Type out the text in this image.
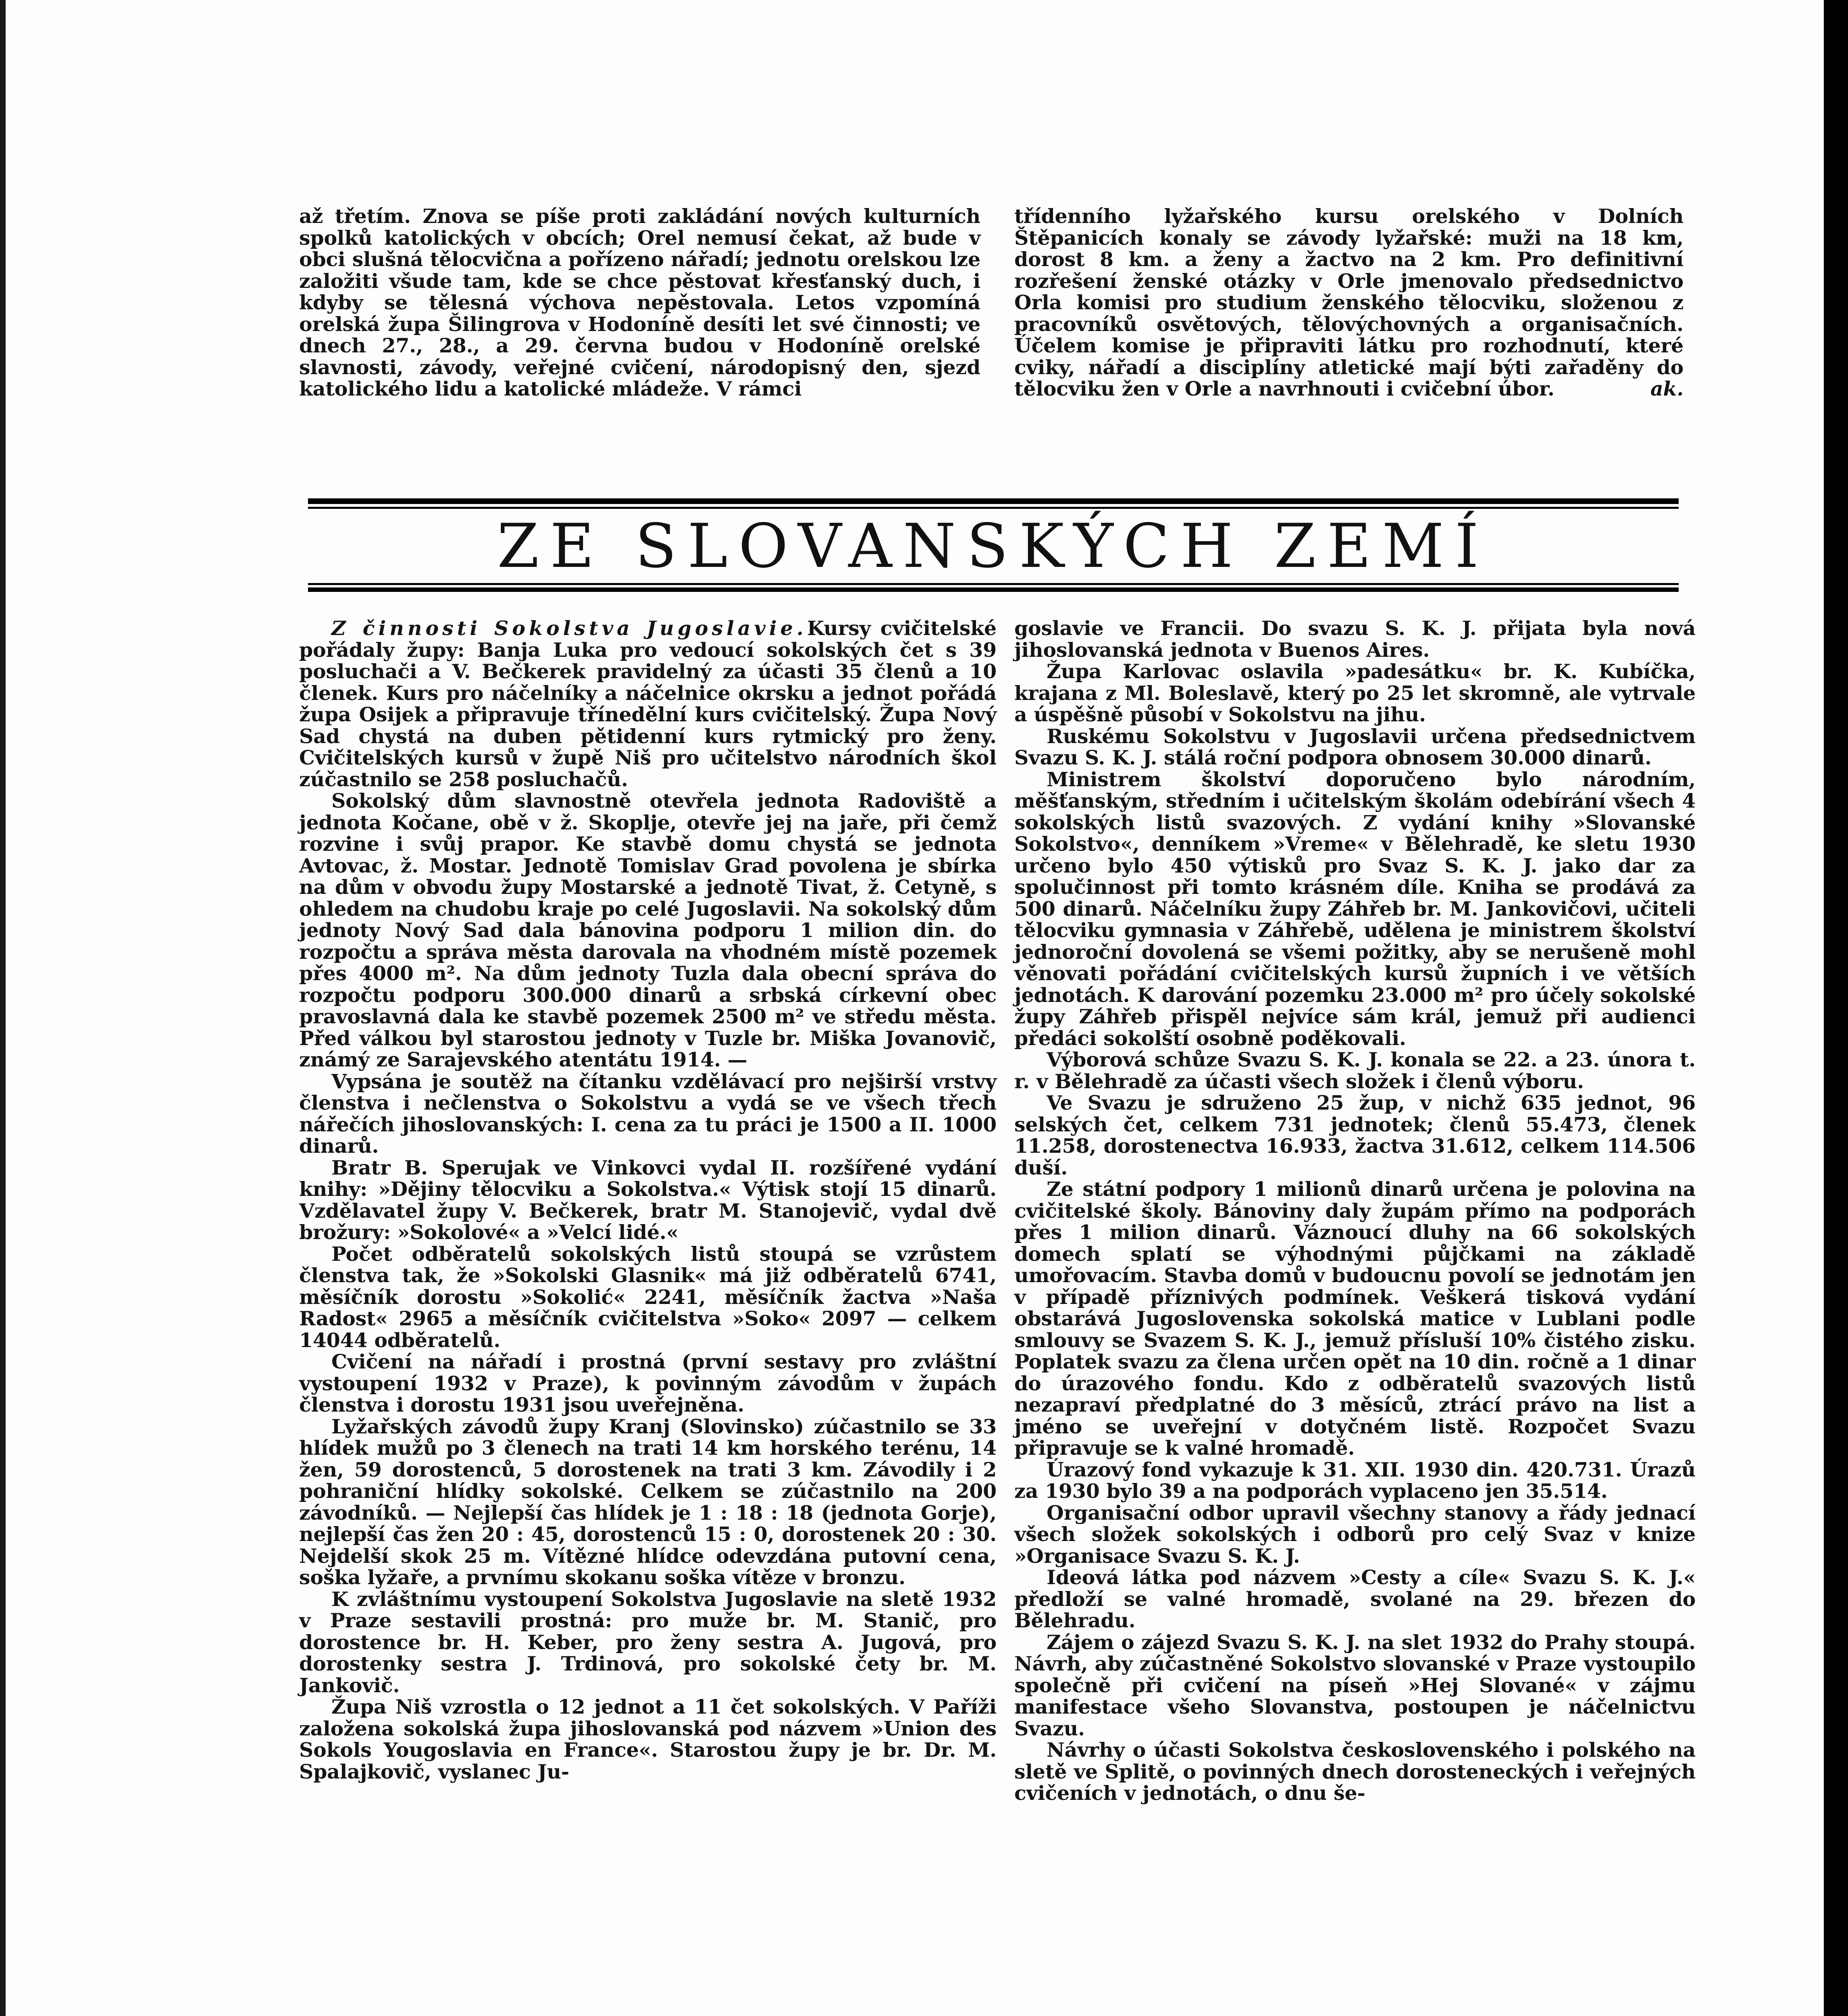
až třetím. Znova se píše proti zakládání nových kulturních spolků katolických v obcích; Orel nemusí čekat, až bude v obci slušná tělocvična a pořízeno nářadí; jednotu orelskou lze založiti všude tam, kde se chce pěstovat křesťanský duch, i kdyby se tělesná výchova nepěstovala. Letos vzpomíná orelská župa Šilingrova v Hodoníně desíti let své činnosti; ve dnech 27., 28., a 29. června budou v Hodoníně orelské slavnosti, závody, veřejné cvičení, národopisný den, sjezd katolického lidu a katolické mládeže. V rámci

třídenního lyžařského kursu orelského v Dolních Štěpanicích konaly se závody lyžařské: muži na 18 km, dorost 8 km. a ženy a žactvo na 2 km. Pro definitivní rozřešení ženské otázky v Orle jmenovalo předsednictvo Orla komisi pro studium ženského tělocviku, složenou z pracovníků osvětových, tělovýchovných a organisačních. Účelem komise je připraviti látku pro rozhodnutí, které cviky, nářadí a disciplíny atletické mají býti zařaděny do tělocviku žen v Orle a navrhnouti i cvičební úbor.	ak.

ZE SLOVANSKÝCH ZEMÍ

Z činnosti Sokolstva Jugoslavie.Kursy cvičitelské pořádaly župy: Banja Luka pro vedoucí sokolských čet s 39 posluchači a V. Bečkerek pravidelný za účasti 35 členů a 10 členek. Kurs pro náčelníky a náčelnice okrsku a jednot pořádá župa Osijek a připravuje třínedělní kurs cvičitelský. Župa Nový Sad chystá na duben pětidenní kurs rytmický pro ženy. Cvičitelských kursů v župě Niš pro učitelstvo národních škol zúčastnilo se 258 posluchačů.

Sokolský dům slavnostně otevřela jednota Radoviště a jednota Kočane, obě v ž. Skoplje, otevře jej na jaře, při čemž rozvine i svůj prapor. Ke stavbě domu chystá se jednota Avtovac, ž. Mostar. Jednotě Tomislav Grad povolena je sbírka na dům v obvodu župy Mostarské a jednotě Tivat, ž. Cetyně, s ohledem na chudobu kraje po celé Jugoslavii. Na sokolský dům jednoty Nový Sad dala bánovina podporu 1 milion din. do rozpočtu a správa města darovala na vhodném místě pozemek přes 4000 m². Na dům jednoty Tuzla dala obecní správa do rozpočtu podporu 300.000 dinarů a srbská církevní obec pravoslavná dala ke stavbě pozemek 2500 m² ve středu města. Před válkou byl starostou jednoty v Tuzle br. Miška Jovanovič, známý ze Sarajevského atentátu 1914. —

Vypsána je soutěž na čítanku vzdělávací pro nejširší vrstvy členstva i nečlenstva o Sokolstvu a vydá se ve všech třech nářečích jihoslovanských: I. cena za tu práci je 1500 a II. 1000 dinarů.

Bratr B. Sperujak ve Vinkovci vydal II. rozšířené vydání knihy: »Dějiny tělocviku a Sokolstva.« Výtisk stojí 15 dinarů. Vzdělavatel župy V. Bečkerek, bratr M. Stanojevič, vydal dvě brožury: »Sokolové« a »Velcí lidé.«

Počet odběratelů sokolských listů stoupá se vzrůstem členstva tak, že »Sokolski Glasnik« má již odběratelů 6741, měsíčník dorostu »Sokolić« 2241, měsíčník žactva »Naša Radost« 2965 a měsíčník cvičitelstva »Soko« 2097 — celkem 14044 odběratelů.

Cvičení na nářadí i prostná (první sestavy pro zvláštní vystoupení 1932 v Praze), k povinným závodům v župách členstva i dorostu 1931 jsou uveřejněna.

Lyžařských závodů župy Kranj (Slovinsko) zúčastnilo se 33 hlídek mužů po 3 členech na trati 14 km horského terénu, 14 žen, 59 dorostenců, 5 dorostenek na trati 3 km. Závodily i 2 pohraniční hlídky sokolské. Celkem se zúčastnilo na 200 závodníků. — Nejlepší čas hlídek je 1 : 18 : 18 (jednota Gorje), nejlepší čas žen 20 : 45, dorostenců 15 : 0, dorostenek 20 : 30. Nejdelší skok 25 m. Vítězné hlídce odevzdána putovní cena, soška lyžaře, a prvnímu skokanu soška vítěze v bronzu.

K zvláštnímu vystoupení Sokolstva Jugoslavie na sletě 1932 v Praze sestavili prostná: pro muže br. M. Stanič, pro dorostence br. H. Keber, pro ženy sestra A. Jugová, pro dorostenky sestra J. Trdinová, pro sokolské čety br. M. Jankovič.

Župa Niš vzrostla o 12 jednot a 11 čet sokolských. V Paříži založena sokolská župa jihoslovanská pod názvem »Union des Sokols Yougoslavia en France«. Starostou župy je br. Dr. M. Spalajkovič, vyslanec Ju-

goslavie ve Francii. Do svazu S. K. J. přijata byla nová jihoslovanská jednota v Buenos Aires.

Župa Karlovac oslavila »padesátku« br. K. Kubíčka, krajana z Ml. Boleslavě, který po 25 let skromně, ale vytrvale a úspěšně působí v Sokolstvu na jihu.

Ruskému Sokolstvu v Jugoslavii určena předsednictvem Svazu S. K. J. stálá roční podpora obnosem 30.000 dinarů.

Ministrem školství doporučeno bylo národním, měšťanským, středním i učitelským školám odebírání všech 4 sokolských listů svazových. Z vydání knihy »Slovanské Sokolstvo«, denníkem »Vreme« v Bělehradě, ke sletu 1930 určeno bylo 450 výtisků pro Svaz S. K. J. jako dar za spolučinnost při tomto krásném díle. Kniha se prodává za 500 dinarů. Náčelníku župy Záhřeb br. M. Jankovičovi, učiteli tělocviku gymnasia v Záhřebě, udělena je ministrem školství jednoroční dovolená se všemi požitky, aby se nerušeně mohl věnovati pořádání cvičitelských kursů župních i ve větších jednotách. K darování pozemku 23.000 m² pro účely sokolské župy Záhřeb přispěl nejvíce sám král, jemuž při audienci předáci sokolští osobně poděkovali.

Výborová schůze Svazu S. K. J. konala se 22. a 23. února t. r. v Bělehradě za účasti všech složek i členů výboru.

Ve Svazu je sdruženo 25 žup, v nichž 635 jednot, 96 selských čet, celkem 731 jednotek; členů 55.473, členek 11.258, dorostenectva 16.933, žactva 31.612, celkem 114.506 duší.

Ze státní podpory 1 milionů dinarů určena je polovina na cvičitelské školy. Bánoviny daly župám přímo na podporách přes 1 milion dinarů. Váznoucí dluhy na 66 sokolských domech splatí se výhodnými půjčkami na základě umořovacím. Stavba domů v budoucnu povolí se jednotám jen v případě příznivých podmínek. Veškerá tisková vydání obstarává Jugoslovenska sokolská matice v Lublani podle smlouvy se Svazem S. K. J., jemuž přísluší 10% čistého zisku. Poplatek svazu za člena určen opět na 10 din. ročně a 1 dinar do úrazového fondu. Kdo z odběratelů svazových listů nezapraví předplatné do 3 měsíců, ztrácí právo na list a jméno se uveřejní v dotyčném listě. Rozpočet Svazu připravuje se k valné hromadě.

Úrazový fond vykazuje k 31. XII. 1930 din. 420.731. Úrazů za 1930 bylo 39 a na podporách vyplaceno jen 35.514.

Organisační odbor upravil všechny stanovy a řády jednací všech složek sokolských i odborů pro celý Svaz v knize »Organisace Svazu S. K. J.

Ideová látka pod názvem »Cesty a cíle« Svazu S. K. J.« předloží se valné hromadě, svolané na 29. březen do Bělehradu.

Zájem o zájezd Svazu S. K. J. na slet 1932 do Prahy stoupá. Návrh, aby zúčastněné Sokolstvo slovanské v Praze vystoupilo společně při cvičení na píseň »Hej Slované« v zájmu manifestace všeho Slovanstva, postoupen je náčelnictvu Svazu.

Návrhy o účasti Sokolstva československého i polského na sletě ve Splitě, o povinných dnech dorosteneckých i veřejných cvičeních v jednotách, o dnu še-
